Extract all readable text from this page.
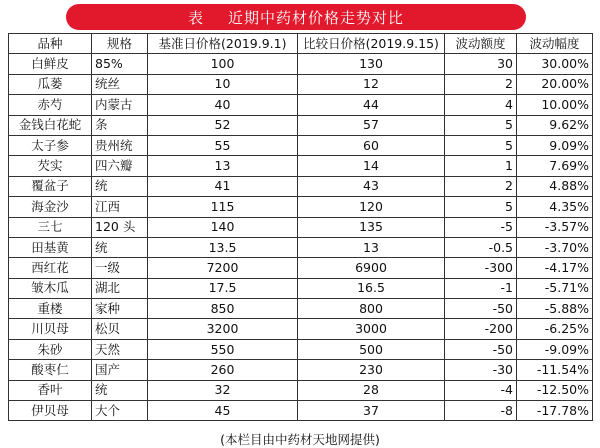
表 近期中药材价格走势对比
品种	规格	基准日价格(2019.9.1)	比较日价格(2019.9.15)	波动额度	波动幅度
白鲜皮	85%	100	130	30	30.00%
瓜蒌	统丝	10	12	2	20.00%
赤芍	内蒙古	40	44	4	10.00%
金钱白花蛇	条	52	57	5	9.62%
太子参	贵州统	55	60	5	9.09%
芡实	四六瓣	13	14	1	7.69%
覆盆子	统	41	43	2	4.88%
海金沙	江西	115	120	5	4.35%
三七	120 头	140	135	-5	-3.57%
田基黄	统	13.5	13	-0.5	-3.70%
西红花	一级	7200	6900	-300	-4.17%
皱木瓜	湖北	17.5	16.5	-1	-5.71%
重楼	家种	850	800	-50	-5.88%
川贝母	松贝	3200	3000	-200	-6.25%
朱砂	天然	550	500	-50	-9.09%
酸枣仁	国产	260	230	-30	-11.54%
香叶	统	32	28	-4	-12.50%
伊贝母	大个	45	37	-8	-17.78%
(本栏目由中药材天地网提供)
